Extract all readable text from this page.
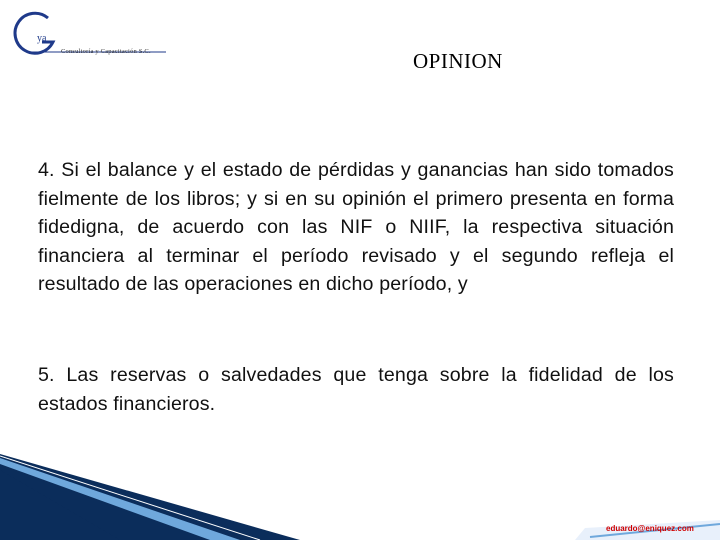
ya
Consultoría y Capacitación S.C.	OPINION
4. Si el balance y el estado de pérdidas y ganancias han sido tomados fielmente de los libros; y si en su opinión el primero presenta en forma fidedigna, de acuerdo con las NIF o NIIF, la respectiva situación financiera al terminar el período revisado y el segundo refleja el resultado de las operaciones en dicho período, y
5. Las reservas o salvedades que tenga sobre la fidelidad de los estados financieros.
eduardo@eniquez.com
